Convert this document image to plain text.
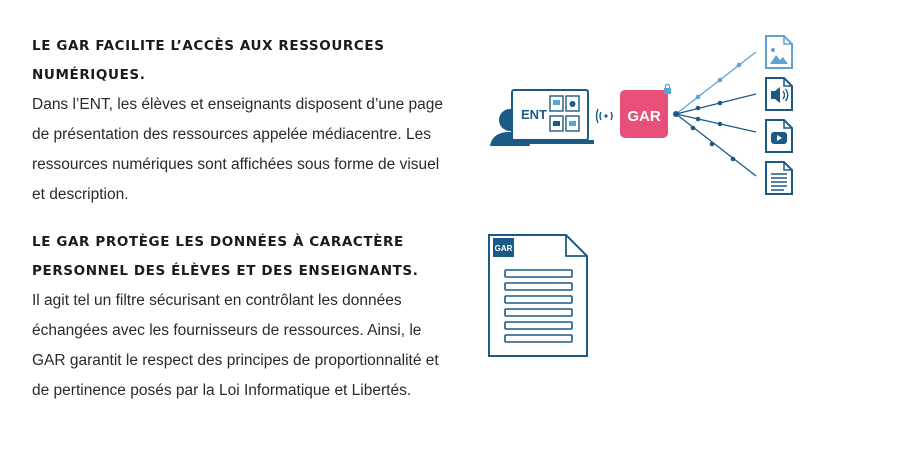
LE GAR FACILITE L’ACCÈS AUX RESSOURCES NUMÉRIQUES.

Dans l’ENT, les élèves et enseignants disposent d’une page de présentation des ressources appelée médiacentre. Les ressources numériques sont affichées sous forme de visuel et description.

LE GAR PROTÈGE LES DONNÉES À CARACTÈRE PERSONNEL DES ÉLÈVES ET DES ENSEIGNANTS.

Il agit tel un filtre sécurisant en contrôlant les données échangées avec les fournisseurs de ressources. Ainsi, le GAR garantit le respect des principes de proportionnalité et de pertinence posés par la Loi Informatique et Libertés.

ENT	GAR
GAR
